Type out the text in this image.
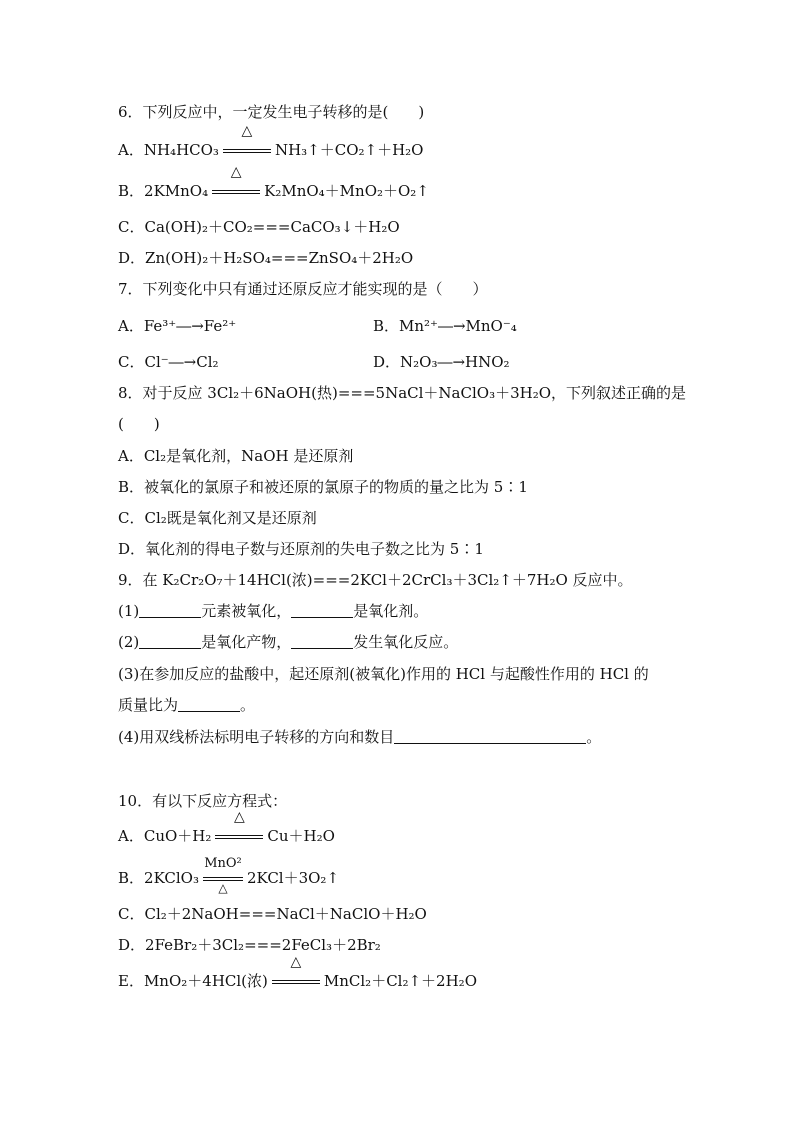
6．下列反应中，一定发生电子转移的是(　　)
A．NH₄HCO₃
△
NH₃↑＋CO₂↑＋H₂O
B．2KMnO₄
△
K₂MnO₄＋MnO₂＋O₂↑
C．Ca(OH)₂＋CO₂===CaCO₃↓＋H₂O
D．Zn(OH)₂＋H₂SO₄===ZnSO₄＋2H₂O
7．下列变化中只有通过还原反应才能实现的是（　　）
A．Fe³⁺―→Fe²⁺	B．Mn²⁺―→MnO⁻₄
C．Cl⁻―→Cl₂	D．N₂O₃―→HNO₂
8．对于反应 3Cl₂＋6NaOH(热)===5NaCl＋NaClO₃＋3H₂O，下列叙述正确的是
(　　)
A．Cl₂是氧化剂，NaOH 是还原剂
B．被氧化的氯原子和被还原的氯原子的物质的量之比为 5∶1
C．Cl₂既是氧化剂又是还原剂
D．氧化剂的得电子数与还原剂的失电子数之比为 5∶1
9．在 K₂Cr₂O₇＋14HCl(浓)===2KCl＋2CrCl₃＋3Cl₂↑＋7H₂O 反应中。
(1)	元素被氧化，	是氧化剂。
(2)	是氧化产物，	发生氧化反应。
(3)在参加反应的盐酸中，起还原剂(被氧化)作用的 HCl 与起酸性作用的 HCl 的
质量比为	。
(4)用双线桥法标明电子转移的方向和数目	。
10．有以下反应方程式：
A．CuO＋H₂
△
Cu＋H₂O
B．2KClO₃
MnO²
△
2KCl＋3O₂↑
C．Cl₂＋2NaOH===NaCl＋NaClO＋H₂O
D．2FeBr₂＋3Cl₂===2FeCl₃＋2Br₂
E．MnO₂＋4HCl(浓)
△
MnCl₂＋Cl₂↑＋2H₂O
